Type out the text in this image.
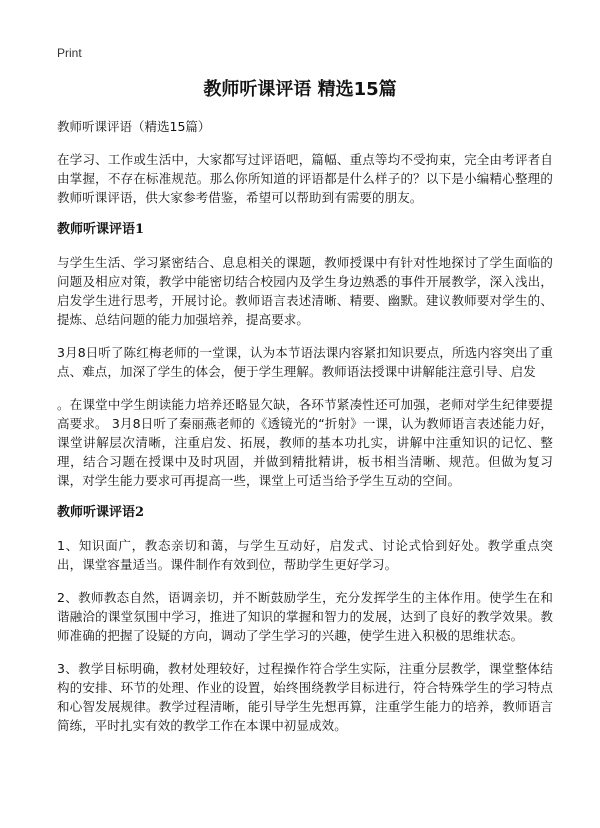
Print
教师听课评语 精选15篇

教师听课评语（精选15篇）

在学习、工作或生活中，大家都写过评语吧，篇幅、重点等均不受拘束，完全由考评者自由掌握，不存在标准规范。那么你所知道的评语都是什么样子的？以下是小编精心整理的教师听课评语，供大家参考借鉴，希望可以帮助到有需要的朋友。

教师听课评语1

与学生生活、学习紧密结合、息息相关的课题，教师授课中有针对性地探讨了学生面临的问题及相应对策，教学中能密切结合校园内及学生身边熟悉的事件开展教学，深入浅出，启发学生进行思考，开展讨论。教师语言表述清晰、精要、幽默。建议教师要对学生的、提炼、总结问题的能力加强培养，提高要求。

3月8日听了陈红梅老师的一堂课，认为本节语法课内容紧扣知识要点，所选内容突出了重点、难点，加深了学生的体会，便于学生理解。教师语法授课中讲解能注意引导、启发

。在课堂中学生朗读能力培养还略显欠缺，各环节紧凑性还可加强，老师对学生纪律要提高要求。 3月8日听了秦丽燕老师的《透镜光的“折射》一课，认为教师语言表述能力好，课堂讲解层次清晰，注重启发、拓展，教师的基本功扎实，讲解中注重知识的记忆、整理，结合习题在授课中及时巩固，并做到精批精讲，板书相当清晰、规范。但做为复习课，对学生能力要求可再提高一些，课堂上可适当给予学生互动的空间。

教师听课评语2

1、知识面广，教态亲切和蔼，与学生互动好，启发式、讨论式恰到好处。教学重点突出，课堂容量适当。课件制作有效到位，帮助学生更好学习。

2、教师教态自然，语调亲切，并不断鼓励学生，充分发挥学生的主体作用。使学生在和谐融洽的课堂氛围中学习，推进了知识的掌握和智力的发展，达到了良好的教学效果。教师准确的把握了设疑的方向，调动了学生学习的兴趣，使学生进入积极的思维状态。

3、教学目标明确，教材处理较好，过程操作符合学生实际，注重分层教学，课堂整体结构的安排、环节的处理、作业的设置，始终围绕教学目标进行，符合特殊学生的学习特点和心智发展规律。教学过程清晰，能引导学生先想再算，注重学生能力的培养，教师语言简练，平时扎实有效的教学工作在本课中初显成效。
